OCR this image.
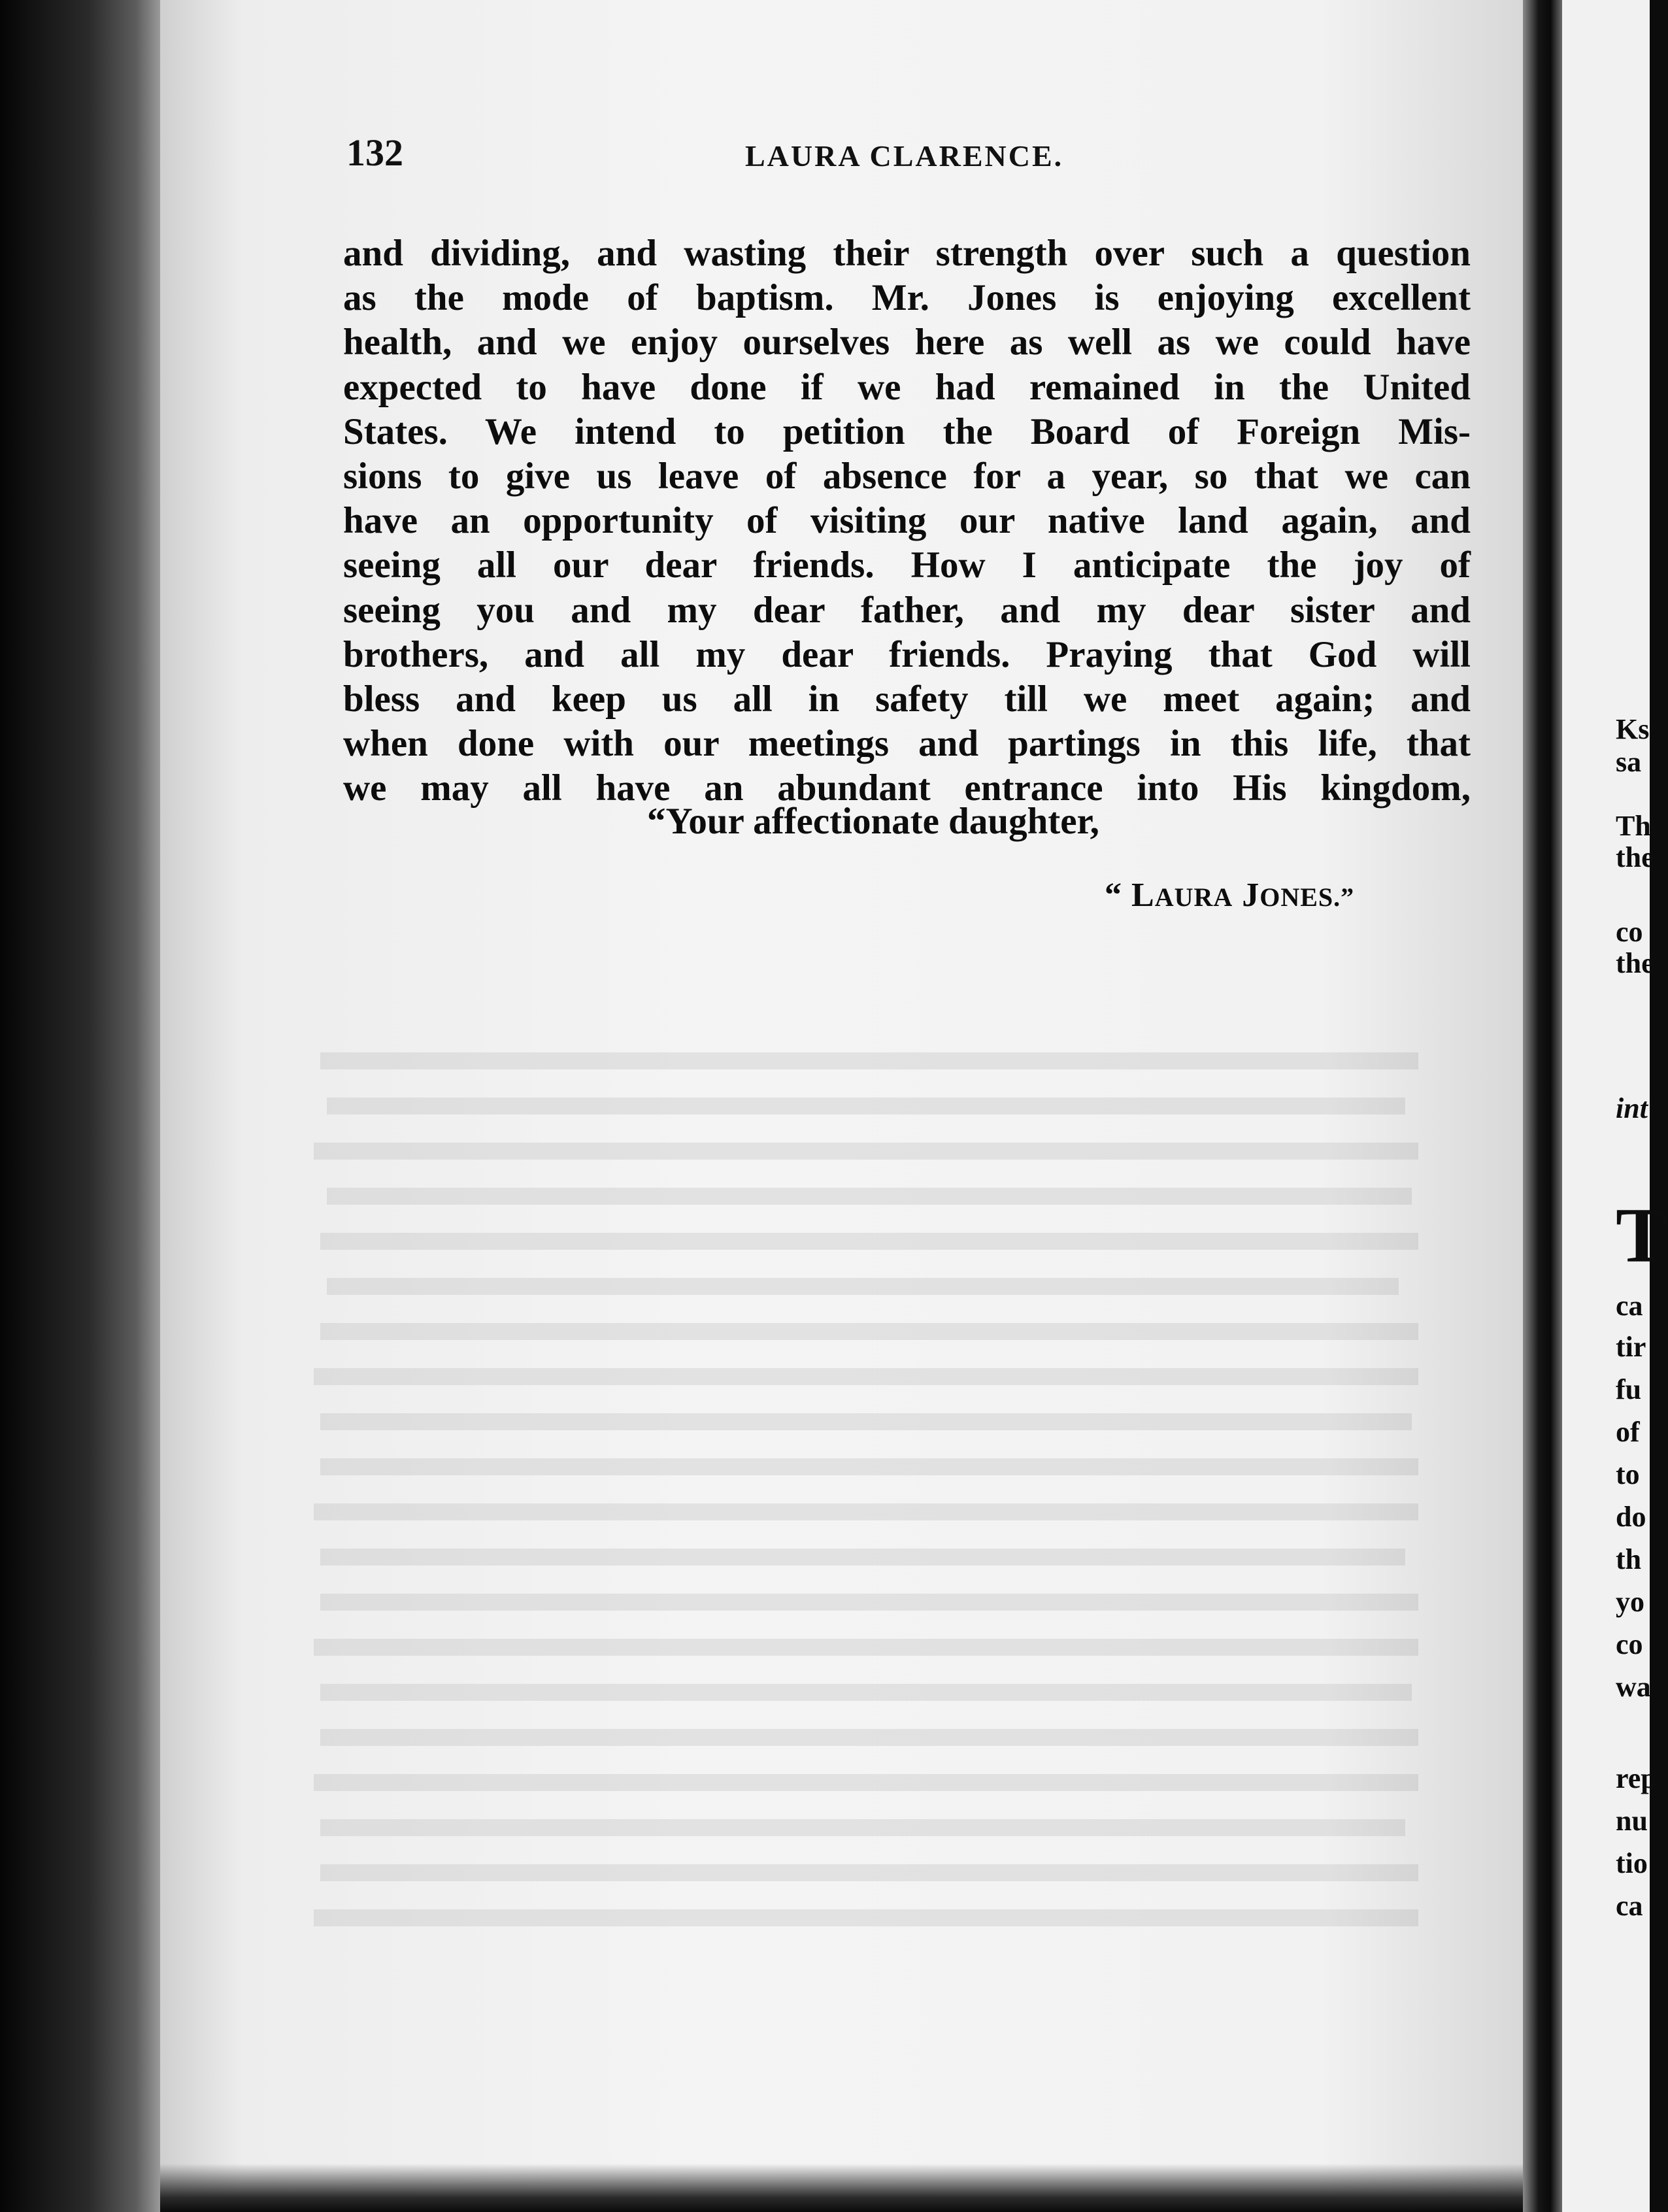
Ks
sa
Th
the
co
the
int
T
ca
tir
fu
of
to
do
th
yo
co
wa
rep
nu
tio
ca
132	LAURA CLARENCE.
and dividing, and wasting their strength over such a question
as the mode of baptism. Mr. Jones is enjoying excellent
health, and we enjoy ourselves here as well as we could have
expected to have done if we had remained in the United
States. We intend to petition the Board of Foreign Mis-
sions to give us leave of absence for a year, so that we can
have an opportunity of visiting our native land again, and
seeing all our dear friends. How I anticipate the joy of
seeing you and my dear father, and my dear sister and
brothers, and all my dear friends. Praying that God will
bless and keep us all in safety till we meet again; and
when done with our meetings and partings in this life, that
we may all have an abundant entrance into His kingdom,
“Your affectionate daughter,
“ LAURA JONES.”
